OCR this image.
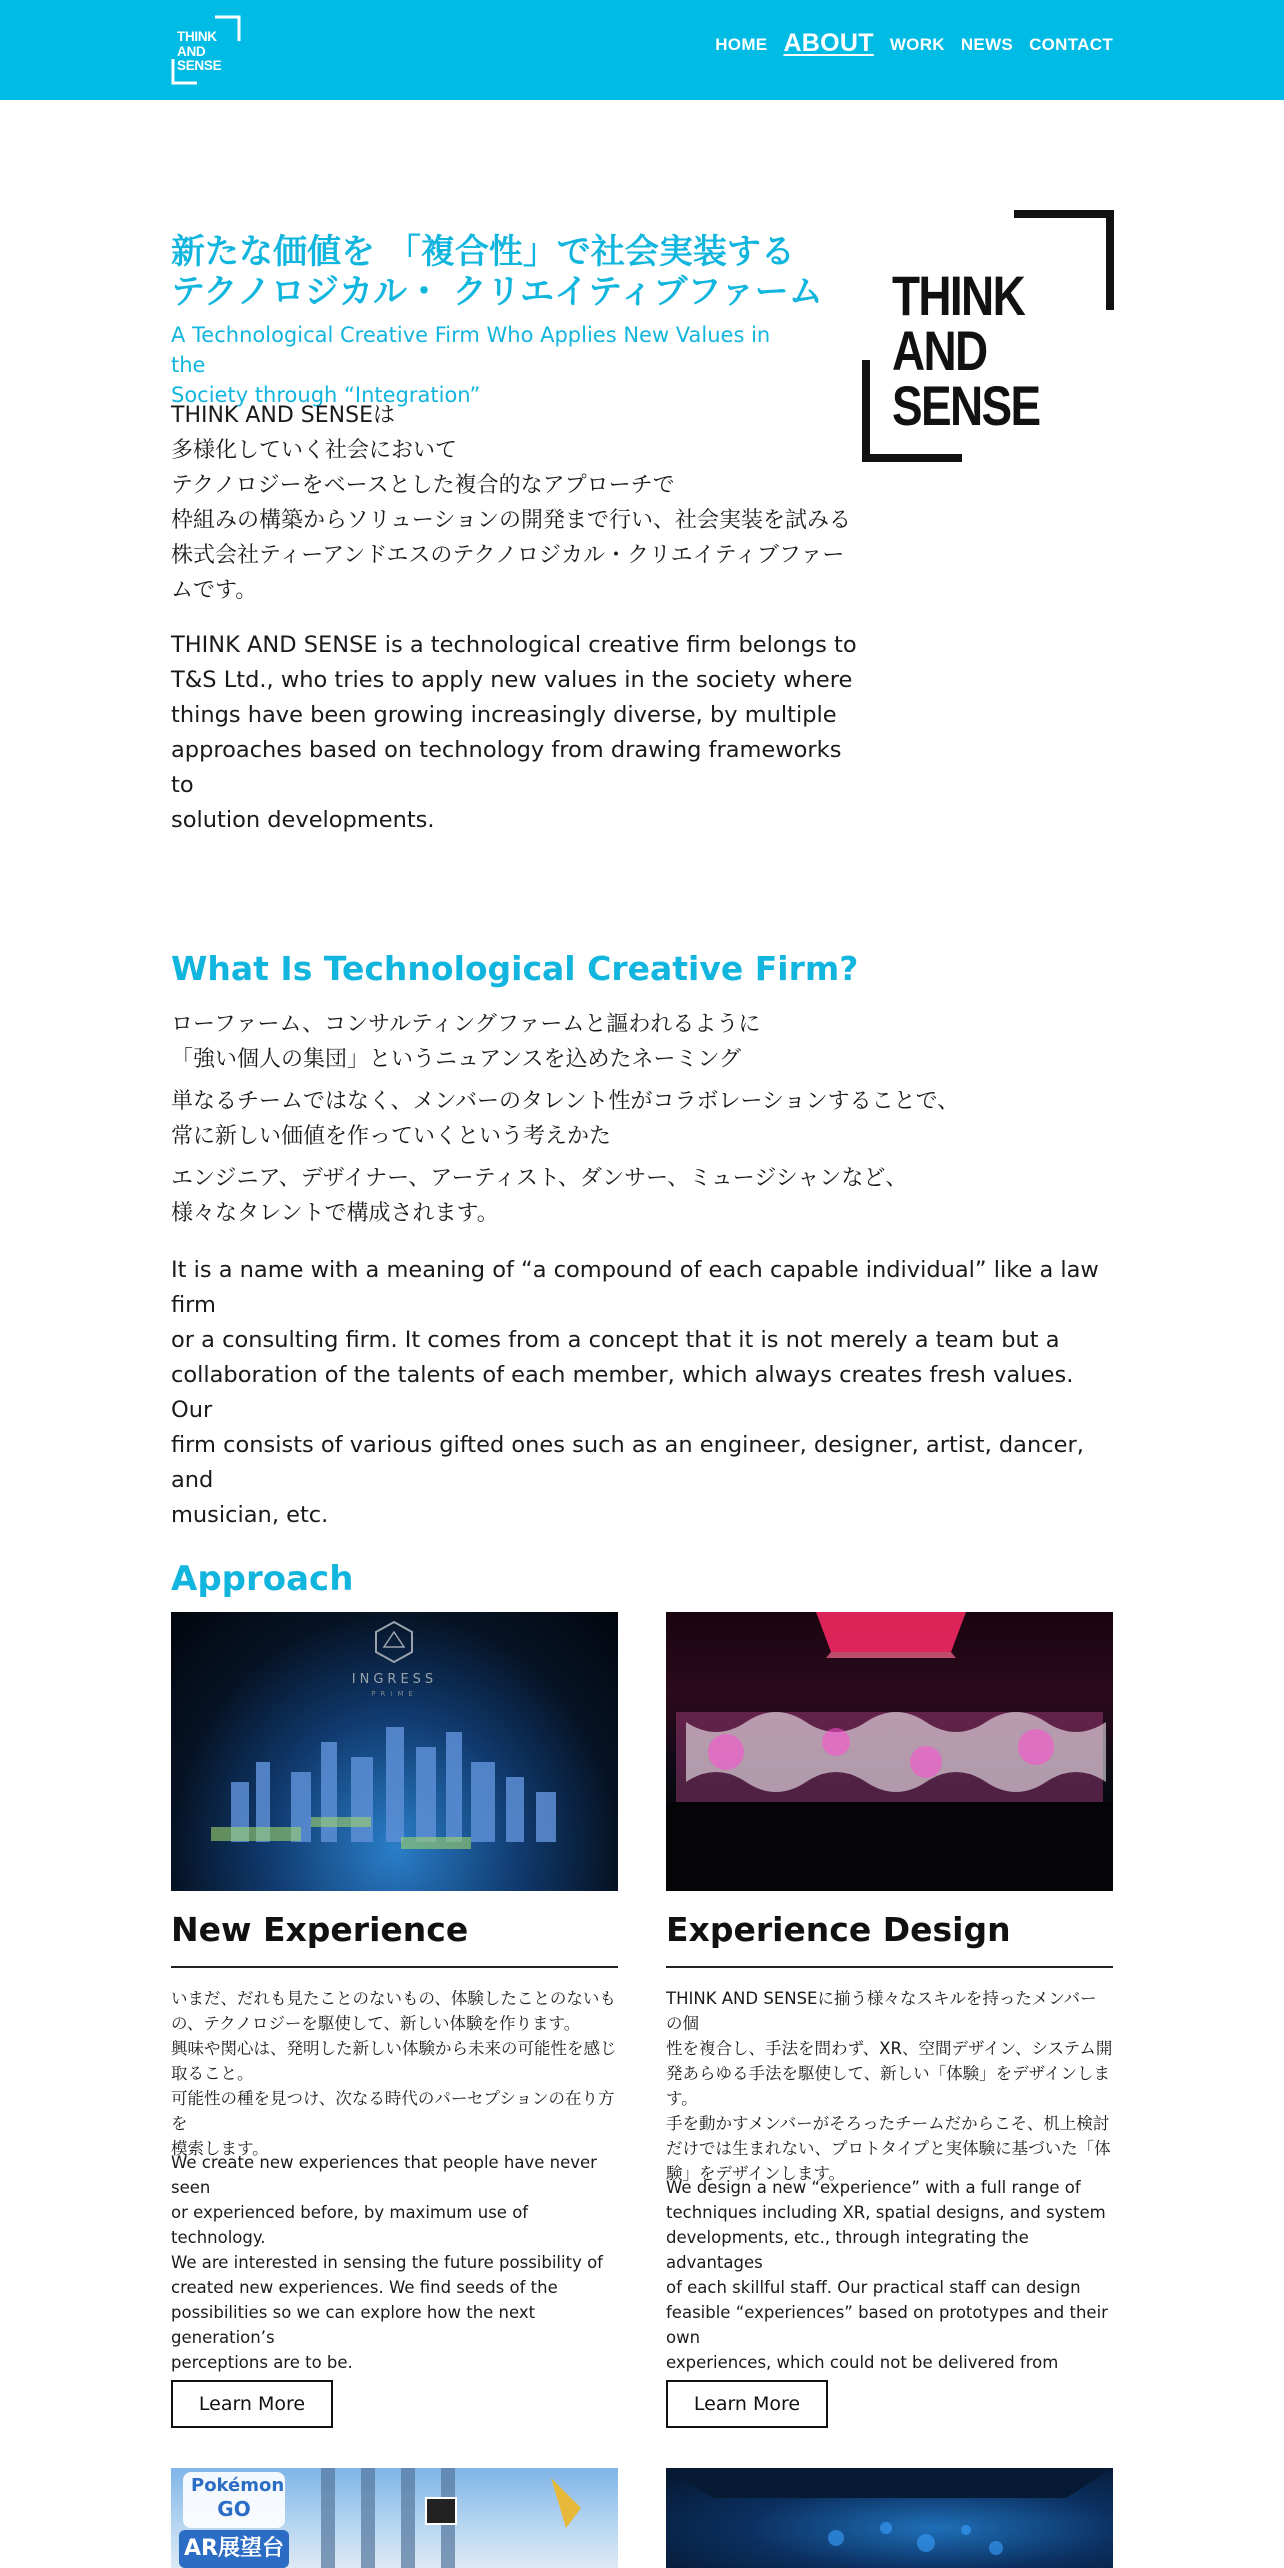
THINK
AND
SENSE
HOME ABOUT WORK NEWS CONTACT
新たな価値を 「複合性」で社会実装する
テクノロジカル・ クリエイティブファーム
A Technological Creative Firm Who Applies New Values in the
Society through “Integration”
THINK AND SENSEは
多様化していく社会において
テクノロジーをベースとした複合的なアプローチで
枠組みの構築からソリューションの開発まで行い、社会実装を試みる
株式会社ティーアンドエスのテクノロジカル・クリエイティブファー
ムです。
THINK AND SENSE is a technological creative firm belongs to
T&S Ltd., who tries to apply new values in the society where
things have been growing increasingly diverse, by multiple
approaches based on technology from drawing frameworks to
solution developments.
THINK
AND
SENSE
What Is Technological Creative Firm?
ローファーム、コンサルティングファームと謳われるように
「強い個人の集団」というニュアンスを込めたネーミング
単なるチームではなく、メンバーのタレント性がコラボレーションすることで、
常に新しい価値を作っていくという考えかた
エンジニア、デザイナー、アーティスト、ダンサー、ミュージシャンなど、
様々なタレントで構成されます。
It is a name with a meaning of “a compound of each capable individual” like a law firm
or a consulting firm. It comes from a concept that it is not merely a team but a
collaboration of the talents of each member, which always creates fresh values. Our
firm consists of various gifted ones such as an engineer, designer, artist, dancer, and
musician, etc.
Approach
INGRESS
PRIME
New Experience
いまだ、だれも見たことのないもの、体験したことのないも
の、テクノロジーを駆使して、新しい体験を作ります。
興味や関心は、発明した新しい体験から未来の可能性を感じ
取ること。
可能性の種を見つけ、次なる時代のパーセプションの在り方を
模索します。
We create new experiences that people have never seen
or experienced before, by maximum use of technology.
We are interested in sensing the future possibility of
created new experiences. We find seeds of the
possibilities so we can explore how the next generation’s
perceptions are to be.
Learn More
Experience Design
THINK AND SENSEに揃う様々なスキルを持ったメンバーの個
性を複合し、手法を問わず、XR、空間デザイン、システム開
発あらゆる手法を駆使して、新しい「体験」をデザインしま
す。
手を動かすメンバーがそろったチームだからこそ、机上検討
だけでは生まれない、プロトタイプと実体験に基づいた「体
験」をデザインします。
We design a new “experience” with a full range of
techniques including XR, spatial designs, and system
developments, etc., through integrating the advantages
of each skillful staff. Our practical staff can design
feasible “experiences” based on prototypes and their own
experiences, which could not be delivered from
Learn More
Pokémon
GO
AR展望台
